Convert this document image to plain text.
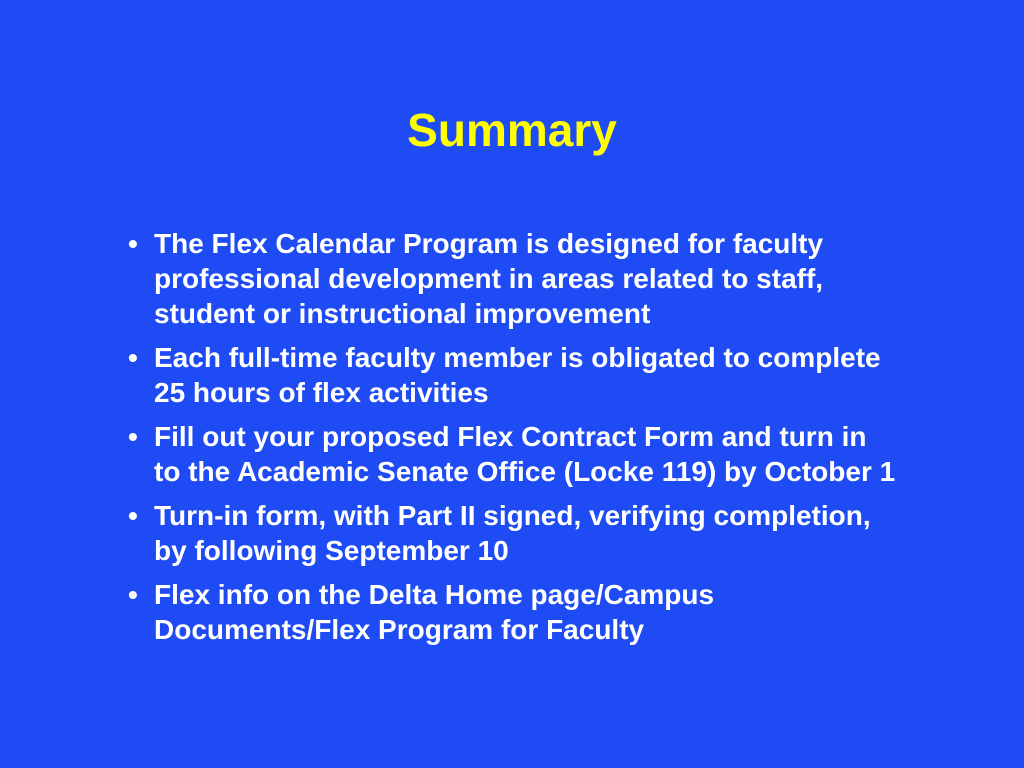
Summary
• The Flex Calendar Program is designed for faculty professional development in areas related to staff, student or instructional improvement
• Each full-time faculty member is obligated to complete 25 hours of flex activities
• Fill out your proposed Flex Contract Form and turn in to the Academic Senate Office (Locke 119) by October 1
• Turn-in form, with Part II signed, verifying completion, by following September 10
• Flex info on the Delta Home page/Campus Documents/Flex Program for Faculty
